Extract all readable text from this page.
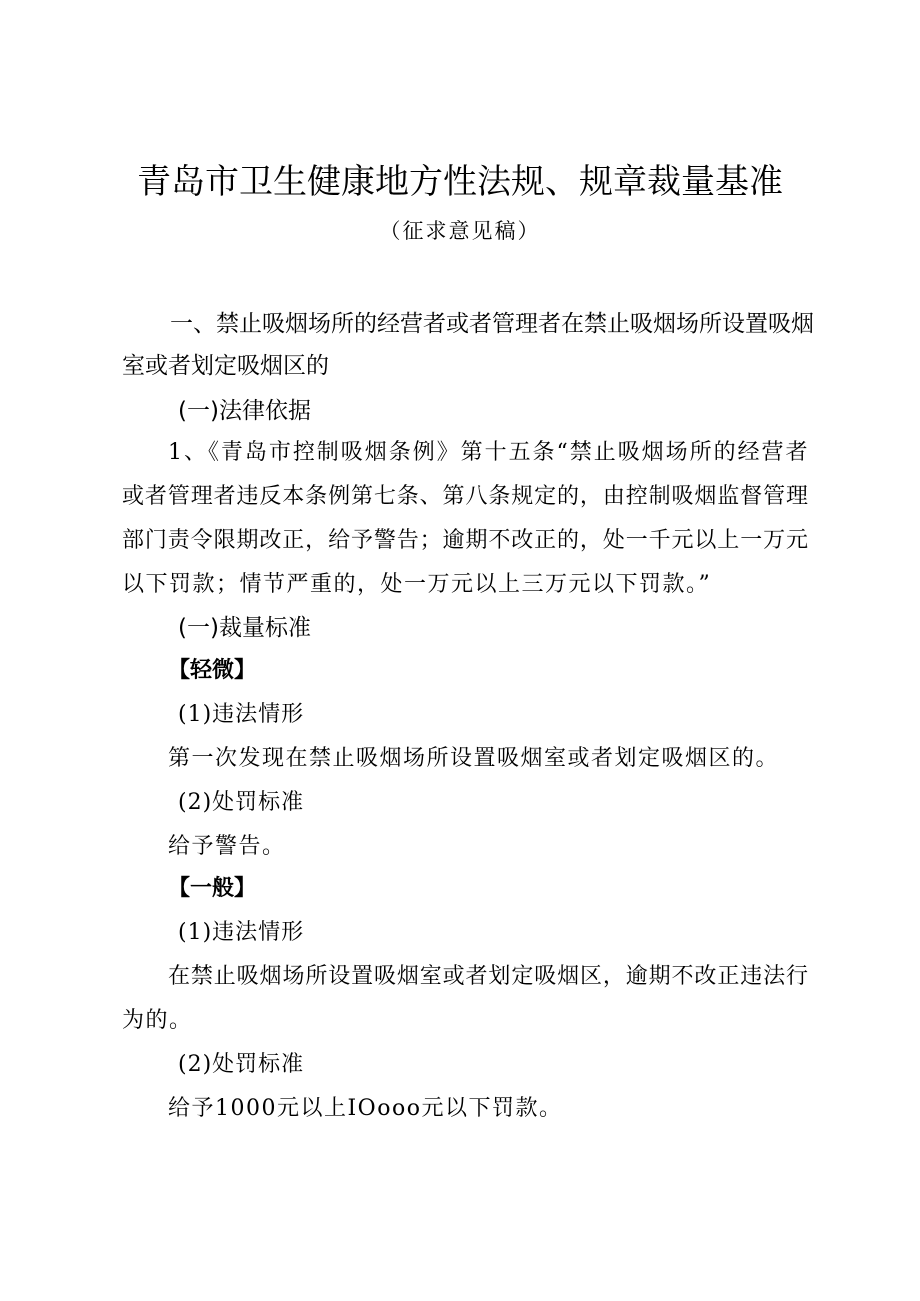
青岛市卫生健康地方性法规、规章裁量基准
（征求意见稿）
一、禁止吸烟场所的经营者或者管理者在禁止吸烟场所设置吸烟
室或者划定吸烟区的
(一)法律依据
1、《青岛市控制吸烟条例》第十五条“禁止吸烟场所的经营者
或者管理者违反本条例第七条、第八条规定的，由控制吸烟监督管理
部门责令限期改正，给予警告；逾期不改正的，处一千元以上一万元
以下罚款；情节严重的，处一万元以上三万元以下罚款。”
(一)裁量标准
【轻微】
(1)违法情形
第一次发现在禁止吸烟场所设置吸烟室或者划定吸烟区的。
(2)处罚标准
给予警告。
【一般】
(1)违法情形
在禁止吸烟场所设置吸烟室或者划定吸烟区，逾期不改正违法行
为的。
(2)处罚标准
给予1000元以上IOooo元以下罚款。
